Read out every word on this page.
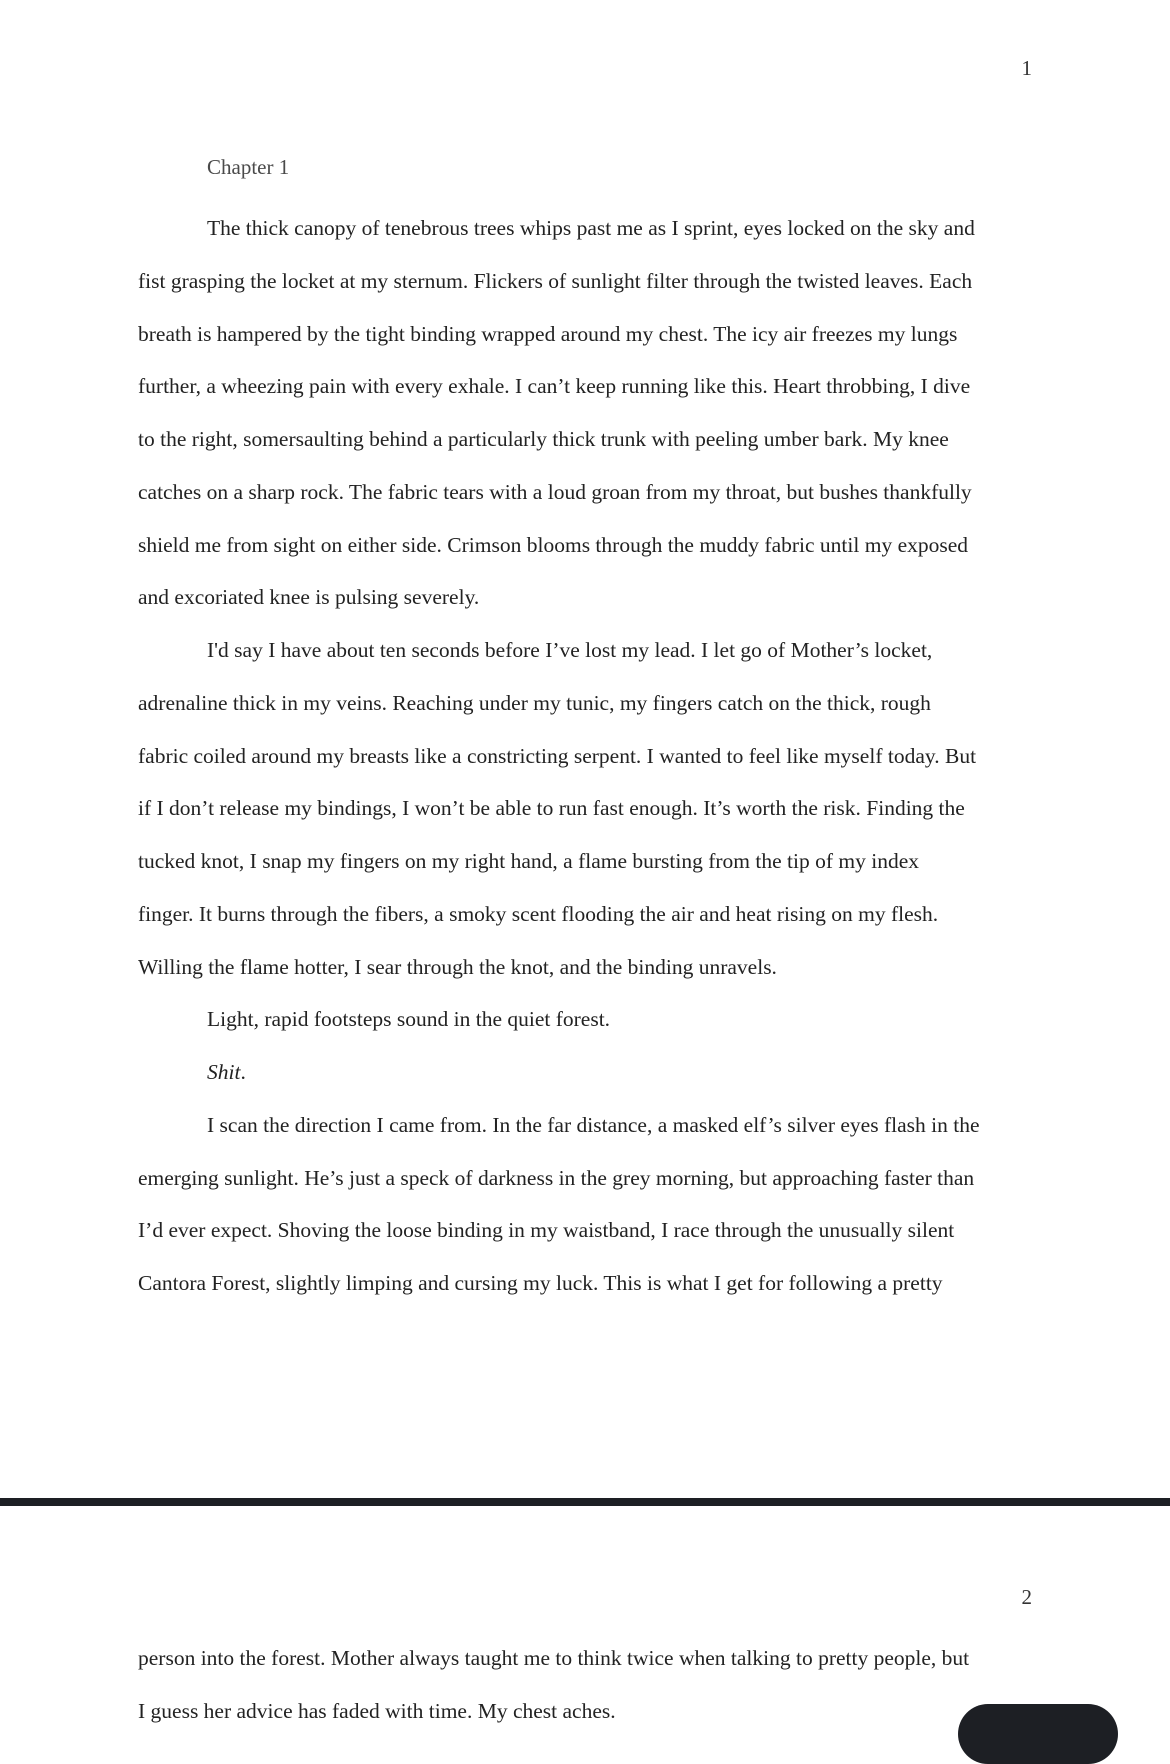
1
Chapter 1
The thick canopy of tenebrous trees whips past me as I sprint, eyes locked on the sky and
fist grasping the locket at my sternum. Flickers of sunlight filter through the twisted leaves. Each
breath is hampered by the tight binding wrapped around my chest. The icy air freezes my lungs
further, a wheezing pain with every exhale. I can’t keep running like this. Heart throbbing, I dive
to the right, somersaulting behind a particularly thick trunk with peeling umber bark. My knee
catches on a sharp rock. The fabric tears with a loud groan from my throat, but bushes thankfully
shield me from sight on either side. Crimson blooms through the muddy fabric until my exposed
and excoriated knee is pulsing severely.
I'd say I have about ten seconds before I’ve lost my lead. I let go of Mother’s locket,
adrenaline thick in my veins. Reaching under my tunic, my fingers catch on the thick, rough
fabric coiled around my breasts like a constricting serpent. I wanted to feel like myself today. But
if I don’t release my bindings, I won’t be able to run fast enough. It’s worth the risk. Finding the
tucked knot, I snap my fingers on my right hand, a flame bursting from the tip of my index
finger. It burns through the fibers, a smoky scent flooding the air and heat rising on my flesh.
Willing the flame hotter, I sear through the knot, and the binding unravels.
Light, rapid footsteps sound in the quiet forest.
Shit.
I scan the direction I came from. In the far distance, a masked elf’s silver eyes flash in the
emerging sunlight. He’s just a speck of darkness in the grey morning, but approaching faster than
I’d ever expect. Shoving the loose binding in my waistband, I race through the unusually silent
Cantora Forest, slightly limping and cursing my luck. This is what I get for following a pretty
2
person into the forest. Mother always taught me to think twice when talking to pretty people, but
I guess her advice has faded with time. My chest aches.
